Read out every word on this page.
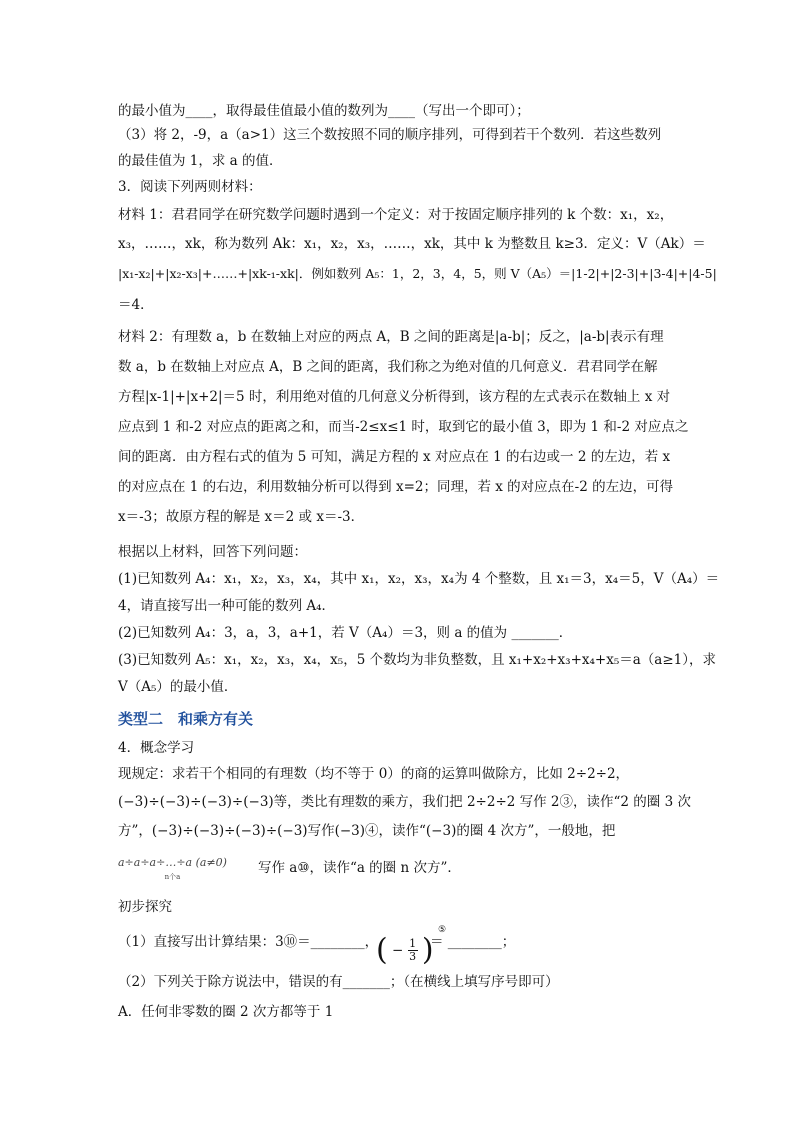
的最小值为____，取得最佳值最小值的数列为____（写出一个即可）；
（3）将 2，-9，a（a>1）这三个数按照不同的顺序排列，可得到若干个数列．若这些数列
的最佳值为 1，求 a 的值．
3．阅读下列两则材料：
材料 1：君君同学在研究数学问题时遇到一个定义：对于按固定顺序排列的 k 个数：x₁，x₂，
x₃，……，xk，称为数列 Ak：x₁，x₂，x₃，……，xk，其中 k 为整数且 k≥3．定义：V（Ak）＝
|x₁-x₂|+|x₂-x₃|+……+|xk-₁-xk|．例如数列 A₅：1，2，3，4，5，则 V（A₅）＝|1-2|+|2-3|+|3-4|+|4-5|
＝4．
材料 2：有理数 a，b 在数轴上对应的两点 A，B 之间的距离是|a-b|；反之，|a-b|表示有理
数 a，b 在数轴上对应点 A，B 之间的距离，我们称之为绝对值的几何意义．君君同学在解
方程|x-1|+|x+2|＝5 时，利用绝对值的几何意义分析得到，该方程的左式表示在数轴上 x 对
应点到 1 和-2 对应点的距离之和，而当-2≤x≤1 时，取到它的最小值 3，即为 1 和-2 对应点之
间的距离．由方程右式的值为 5 可知，满足方程的 x 对应点在 1 的右边或一 2 的左边，若 x
的对应点在 1 的右边，利用数轴分析可以得到 x=2；同理，若 x 的对应点在-2 的左边，可得
x＝-3；故原方程的解是 x＝2 或 x＝-3．
根据以上材料，回答下列问题：
(1)已知数列 A₄：x₁，x₂，x₃，x₄，其中 x₁，x₂，x₃，x₄为 4 个整数，且 x₁＝3，x₄＝5，V（A₄）＝
4，请直接写出一种可能的数列 A₄．
(2)已知数列 A₄：3，a，3，a+1，若 V（A₄）＝3，则 a 的值为 _______．
(3)已知数列 A₅：x₁，x₂，x₃，x₄，x₅，5 个数均为非负整数，且 x₁+x₂+x₃+x₄+x₅＝a（a≥1），求
V（A₅）的最小值．
类型二　和乘方有关
4．概念学习
现规定：求若干个相同的有理数（均不等于 0）的商的运算叫做除方，比如 2÷2÷2，
(−3)÷(−3)÷(−3)÷(−3)等，类比有理数的乘方，我们把 2÷2÷2 写作 2③，读作“2 的圈 3 次
方”，(−3)÷(−3)÷(−3)÷(−3)写作(−3)④，读作“(−3)的圈 4 次方”，一般地，把
a÷a÷a÷…÷a (a≠0)
n个a
写作 a⑩，读作“a 的圈 n 次方”．
初步探究
（1）直接写出计算结果：3⑩＝________，
( − $\frac{1}{3}$ ) ⑤
＝ ________；
（2）下列关于除方说法中，错误的有_______；（在横线上填写序号即可）
A．任何非零数的圈 2 次方都等于 1
